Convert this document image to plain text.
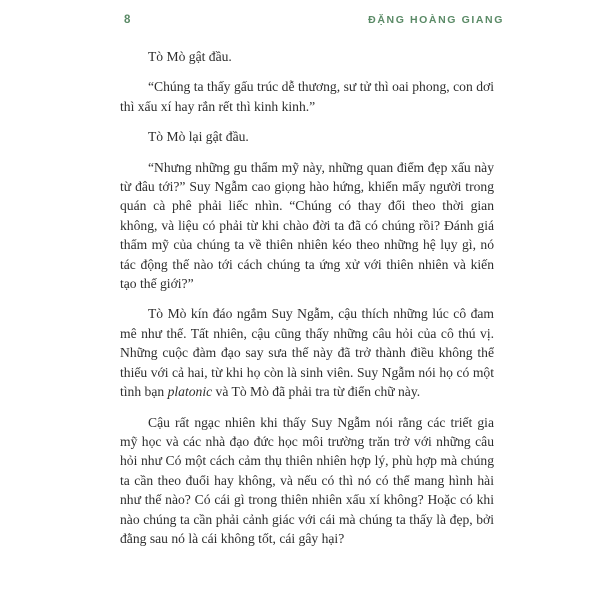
8	ĐẶNG HOÀNG GIANG

Tò Mò gật đầu.

“Chúng ta thấy gấu trúc dễ thương, sư tử thì oai phong, con dơi thì xấu xí hay rắn rết thì kinh kinh.”

Tò Mò lại gật đầu.

“Nhưng những gu thẩm mỹ này, những quan điểm đẹp xấu này từ đâu tới?” Suy Ngẫm cao giọng hào hứng, khiến mấy người trong quán cà phê phải liếc nhìn. “Chúng có thay đổi theo thời gian không, và liệu có phải từ khi chào đời ta đã có chúng rồi? Đánh giá thẩm mỹ của chúng ta về thiên nhiên kéo theo những hệ lụy gì, nó tác động thế nào tới cách chúng ta ứng xử với thiên nhiên và kiến tạo thế giới?”

Tò Mò kín đáo ngắm Suy Ngẫm, cậu thích những lúc cô đam mê như thế. Tất nhiên, cậu cũng thấy những câu hỏi của cô thú vị. Những cuộc đàm đạo say sưa thế này đã trở thành điều không thể thiếu với cả hai, từ khi họ còn là sinh viên. Suy Ngẫm nói họ có một tình bạn platonic và Tò Mò đã phải tra từ điển chữ này.

Cậu rất ngạc nhiên khi thấy Suy Ngẫm nói rằng các triết gia mỹ học và các nhà đạo đức học môi trường trăn trở với những câu hỏi như Có một cách cảm thụ thiên nhiên hợp lý, phù hợp mà chúng ta cần theo đuổi hay không, và nếu có thì nó có thể mang hình hài như thế nào? Có cái gì trong thiên nhiên xấu xí không? Hoặc có khi nào chúng ta cần phải cảnh giác với cái mà chúng ta thấy là đẹp, bởi đằng sau nó là cái không tốt, cái gây hại?
